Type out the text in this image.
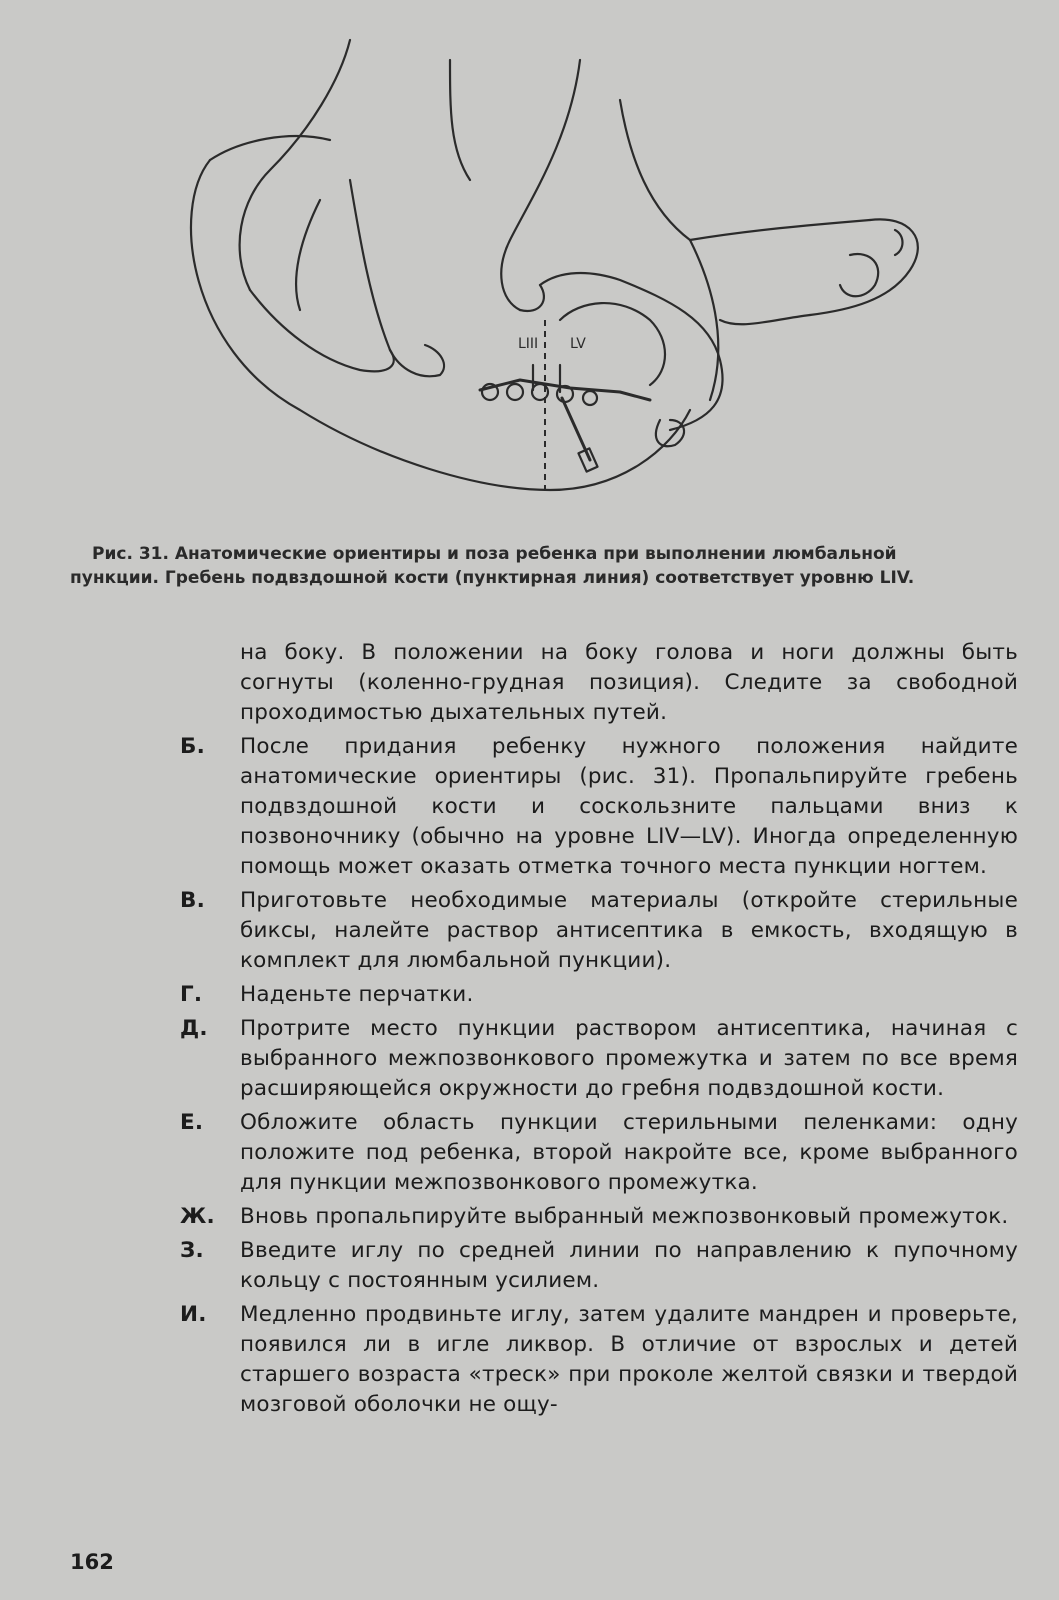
LIII LV
Рис. 31. Анатомические ориентиры и поза ребенка при выполнении люмбальной
пункции. Гребень подвздошной кости (пунктирная линия) соответствует уровню LIV.
на боку. В положении на боку голова и ноги должны быть согнуты (коленно-грудная позиция). Следите за свободной проходимостью дыхательных путей.
Б.	После придания ребенку нужного положения найдите анатомические ориентиры (рис. 31). Пропальпируйте гребень подвздошной кости и соскользните пальцами вниз к позвоночнику (обычно на уровне LIV—LV). Иногда определенную помощь может оказать отметка точного места пункции ногтем.
В.	Приготовьте необходимые материалы (откройте стерильные биксы, налейте раствор антисептика в емкость, входящую в комплект для люмбальной пункции).
Г.	Наденьте перчатки.
Д.	Протрите место пункции раствором антисептика, начиная с выбранного межпозвонкового промежутка и затем по все время расширяющейся окружности до гребня подвздошной кости.
Е.	Обложите область пункции стерильными пеленками: одну положите под ребенка, второй накройте все, кроме выбранного для пункции межпозвонкового промежутка.
Ж.	Вновь пропальпируйте выбранный межпозвонковый промежуток.
З.	Введите иглу по средней линии по направлению к пупочному кольцу с постоянным усилием.
И.	Медленно продвиньте иглу, затем удалите мандрен и проверьте, появился ли в игле ликвор. В отличие от взрослых и детей старшего возраста «треск» при проколе желтой связки и твердой мозговой оболочки не ощу-
162
